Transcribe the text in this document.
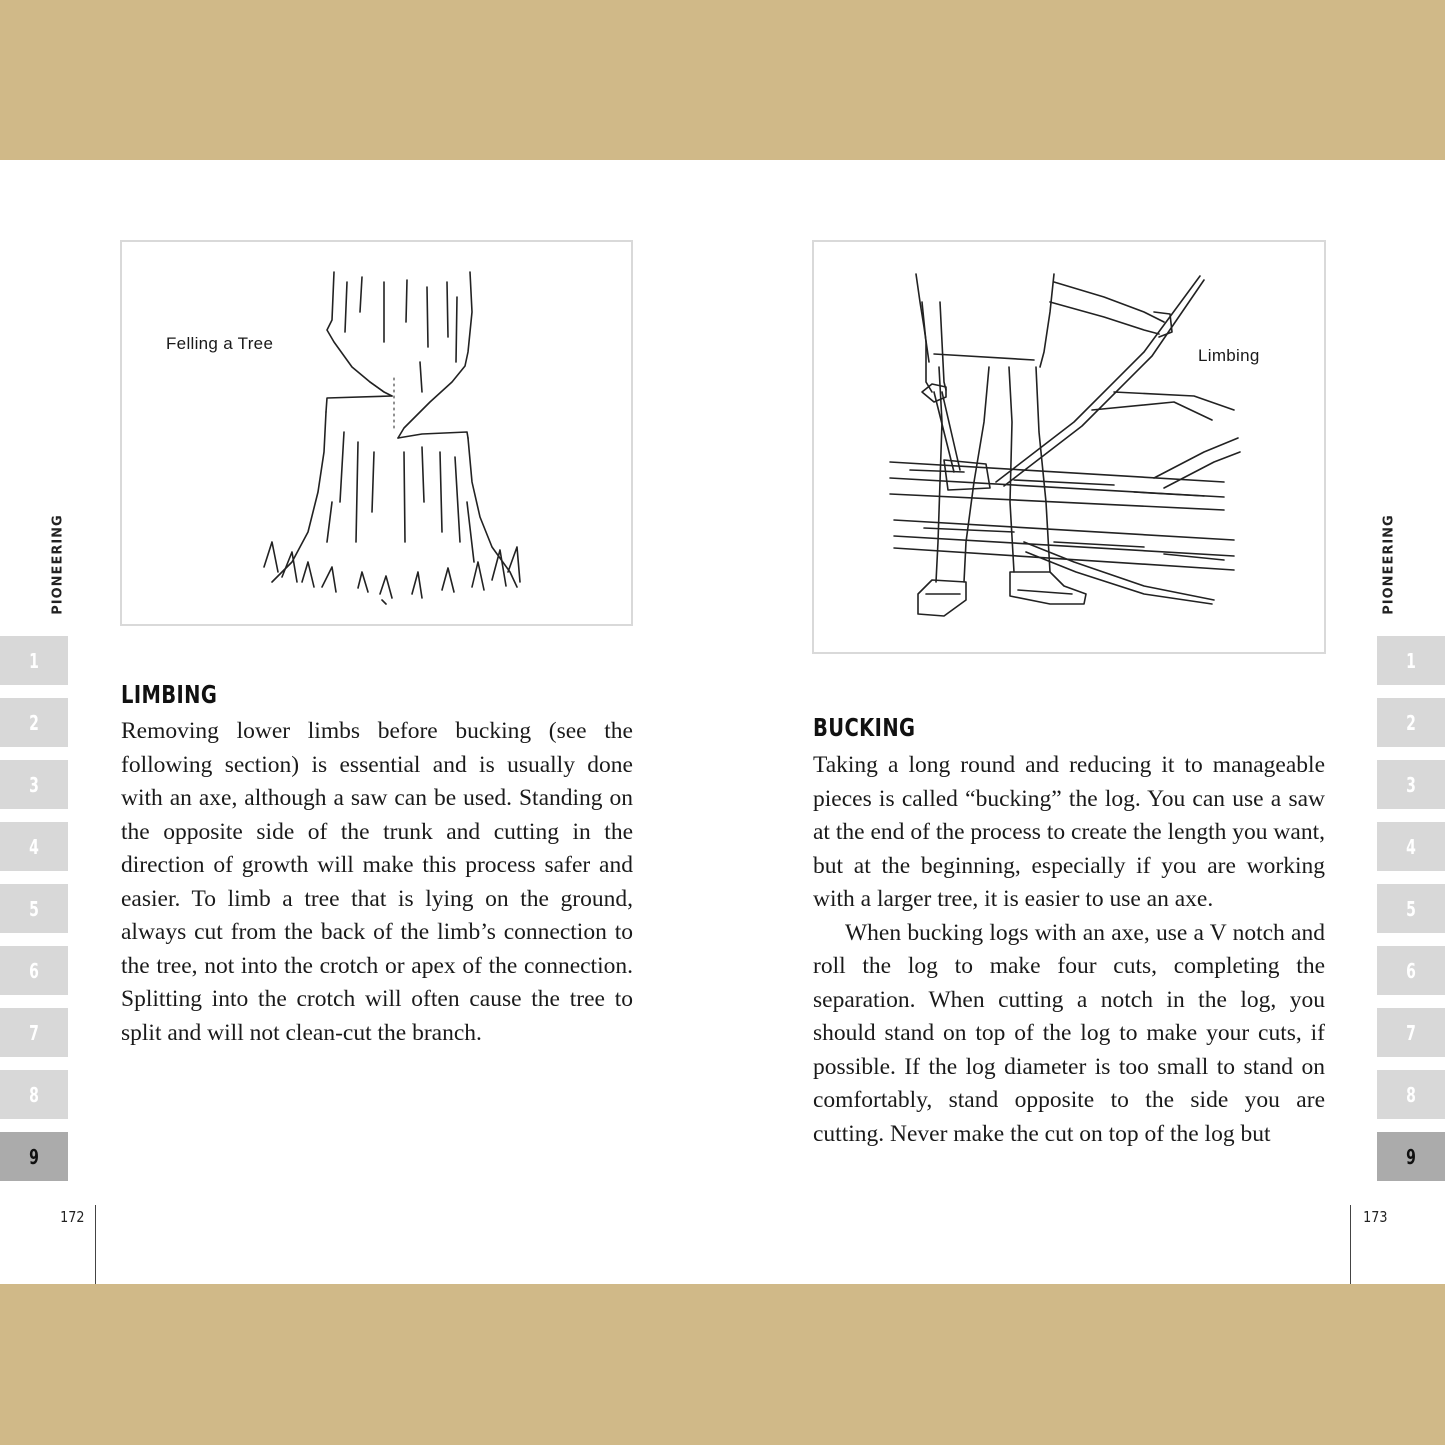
Felling a Tree
PIONEERING
LIMBING

Removing lower limbs before bucking (see the following section) is essential and is usually done with an axe, although a saw can be used. Standing on the opposite side of the trunk and cutting in the direction of growth will make this process safer and easier. To limb a tree that is lying on the ground, always cut from the back of the limb’s connection to the tree, not into the crotch or apex of the connection. Splitting into the crotch will often cause the tree to split and will not clean-cut the branch.

1
2
3
4
5
6
7
8
9
172
Limbing
PIONEERING
BUCKING

Taking a long round and reducing it to manageable pieces is called “bucking” the log. You can use a saw at the end of the process to create the length you want, but at the beginning, especially if you are working with a larger tree, it is easier to use an axe.

When bucking logs with an axe, use a V notch and roll the log to make four cuts, completing the separation. When cutting a notch in the log, you should stand on top of the log to make your cuts, if possible. If the log diameter is too small to stand on comfortably, stand opposite to the side you are cutting. Never make the cut on top of the log but

1
2
3
4
5
6
7
8
9
173
